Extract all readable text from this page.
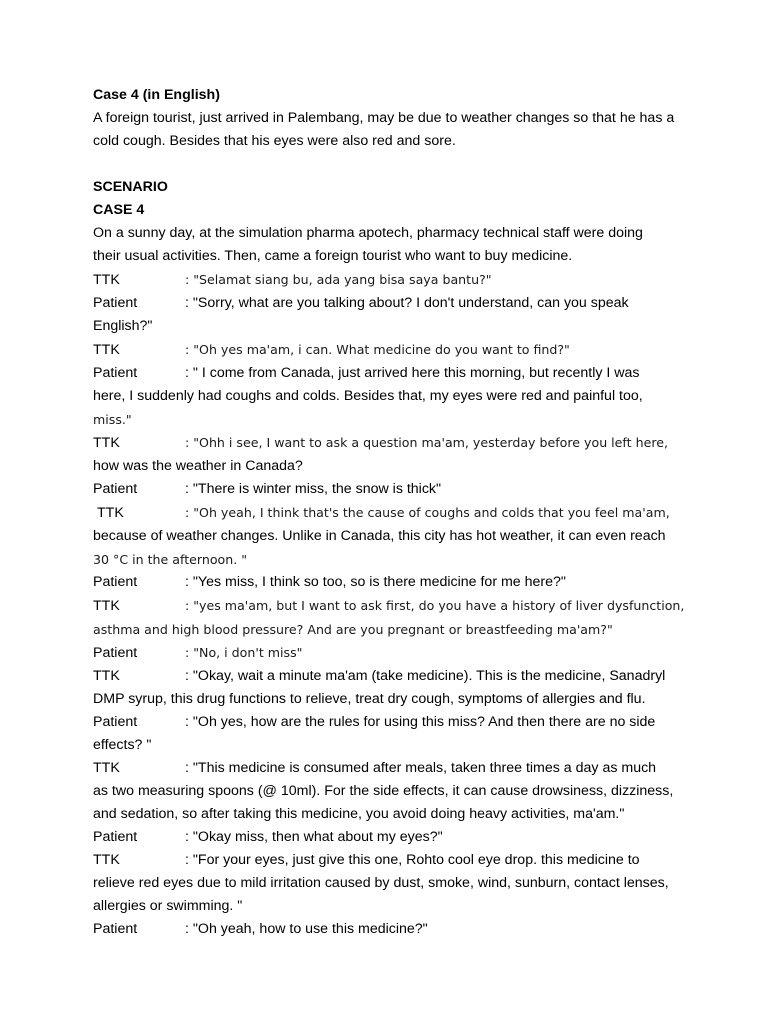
Case 4 (in English)
A foreign tourist, just arrived in Palembang, may be due to weather changes so that he has a
cold cough. Besides that his eyes were also red and sore.
SCENARIO
CASE 4
On a sunny day, at the simulation pharma apotech, pharmacy technical staff were doing
their usual activities. Then, came a foreign tourist who want to buy medicine.
TTK	: "Selamat siang bu, ada yang bisa saya bantu?"
Patient	: "Sorry, what are you talking about? I don't understand, can you speak
English?"
TTK	: "Oh yes ma'am, i can. What medicine do you want to find?"
Patient	: " I come from Canada, just arrived here this morning, but recently I was
here, I suddenly had coughs and colds. Besides that, my eyes were red and painful too,
miss."
TTK	: "Ohh i see, I want to ask a question ma'am, yesterday before you left here,
how was the weather in Canada?
Patient	: "There is winter miss, the snow is thick"
TTK	: "Oh yeah, I think that's the cause of coughs and colds that you feel ma'am,
because of weather changes. Unlike in Canada, this city has hot weather, it can even reach
30 °C in the afternoon. "
Patient	: "Yes miss, I think so too, so is there medicine for me here?"
TTK	: "yes ma'am, but I want to ask first, do you have a history of liver dysfunction,
asthma and high blood pressure? And are you pregnant or breastfeeding ma'am?"
Patient	: "No, i don't miss"
TTK	: "Okay, wait a minute ma'am (take medicine). This is the medicine, Sanadryl
DMP syrup, this drug functions to relieve, treat dry cough, symptoms of allergies and flu.
Patient	: "Oh yes, how are the rules for using this miss? And then there are no side
effects? "
TTK	: "This medicine is consumed after meals, taken three times a day as much
as two measuring spoons (@ 10ml). For the side effects, it can cause drowsiness, dizziness,
and sedation, so after taking this medicine, you avoid doing heavy activities, ma'am."
Patient	: "Okay miss, then what about my eyes?"
TTK	: "For your eyes, just give this one, Rohto cool eye drop. this medicine to
relieve red eyes due to mild irritation caused by dust, smoke, wind, sunburn, contact lenses,
allergies or swimming. "
Patient	: "Oh yeah, how to use this medicine?"
